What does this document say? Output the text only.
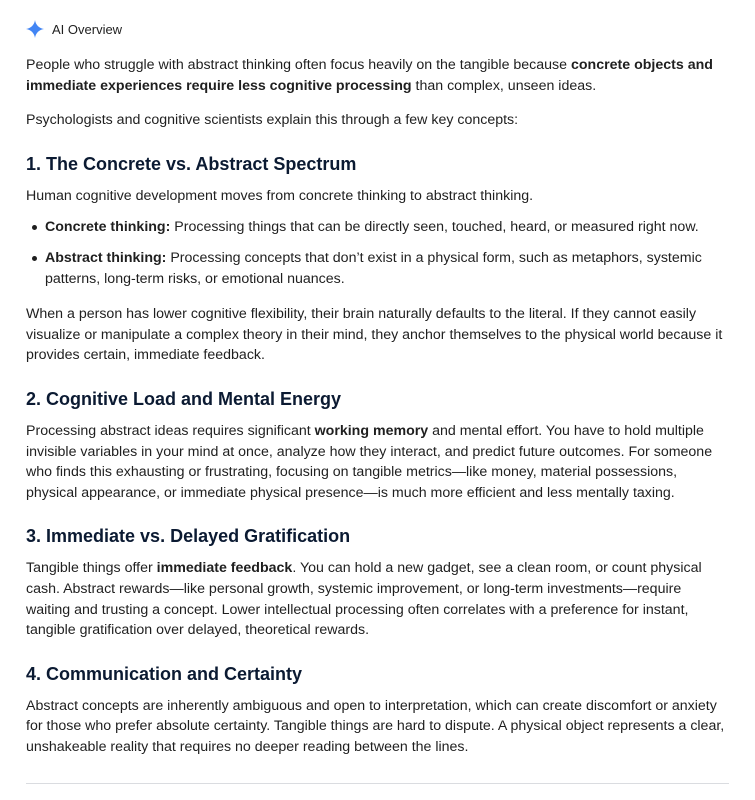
AI Overview

People who struggle with abstract thinking often focus heavily on the tangible because concrete objects and immediate experiences require less cognitive processing than complex, unseen ideas.

Psychologists and cognitive scientists explain this through a few key concepts:

1. The Concrete vs. Abstract Spectrum

Human cognitive development moves from concrete thinking to abstract thinking.

Concrete thinking: Processing things that can be directly seen, touched, heard, or measured right now.
Abstract thinking: Processing concepts that don’t exist in a physical form, such as metaphors, systemic patterns, long-term risks, or emotional nuances.

When a person has lower cognitive flexibility, their brain naturally defaults to the literal. If they cannot easily visualize or manipulate a complex theory in their mind, they anchor themselves to the physical world because it provides certain, immediate feedback.

2. Cognitive Load and Mental Energy

Processing abstract ideas requires significant working memory and mental effort. You have to hold multiple invisible variables in your mind at once, analyze how they interact, and predict future outcomes. For someone who finds this exhausting or frustrating, focusing on tangible metrics—like money, material possessions, physical appearance, or immediate physical presence—is much more efficient and less mentally taxing.

3. Immediate vs. Delayed Gratification

Tangible things offer immediate feedback. You can hold a new gadget, see a clean room, or count physical cash. Abstract rewards—like personal growth, systemic improvement, or long-term investments—require waiting and trusting a concept. Lower intellectual processing often correlates with a preference for instant, tangible gratification over delayed, theoretical rewards.

4. Communication and Certainty

Abstract concepts are inherently ambiguous and open to interpretation, which can create discomfort or anxiety for those who prefer absolute certainty. Tangible things are hard to dispute. A physical object represents a clear, unshakeable reality that requires no deeper reading between the lines.
